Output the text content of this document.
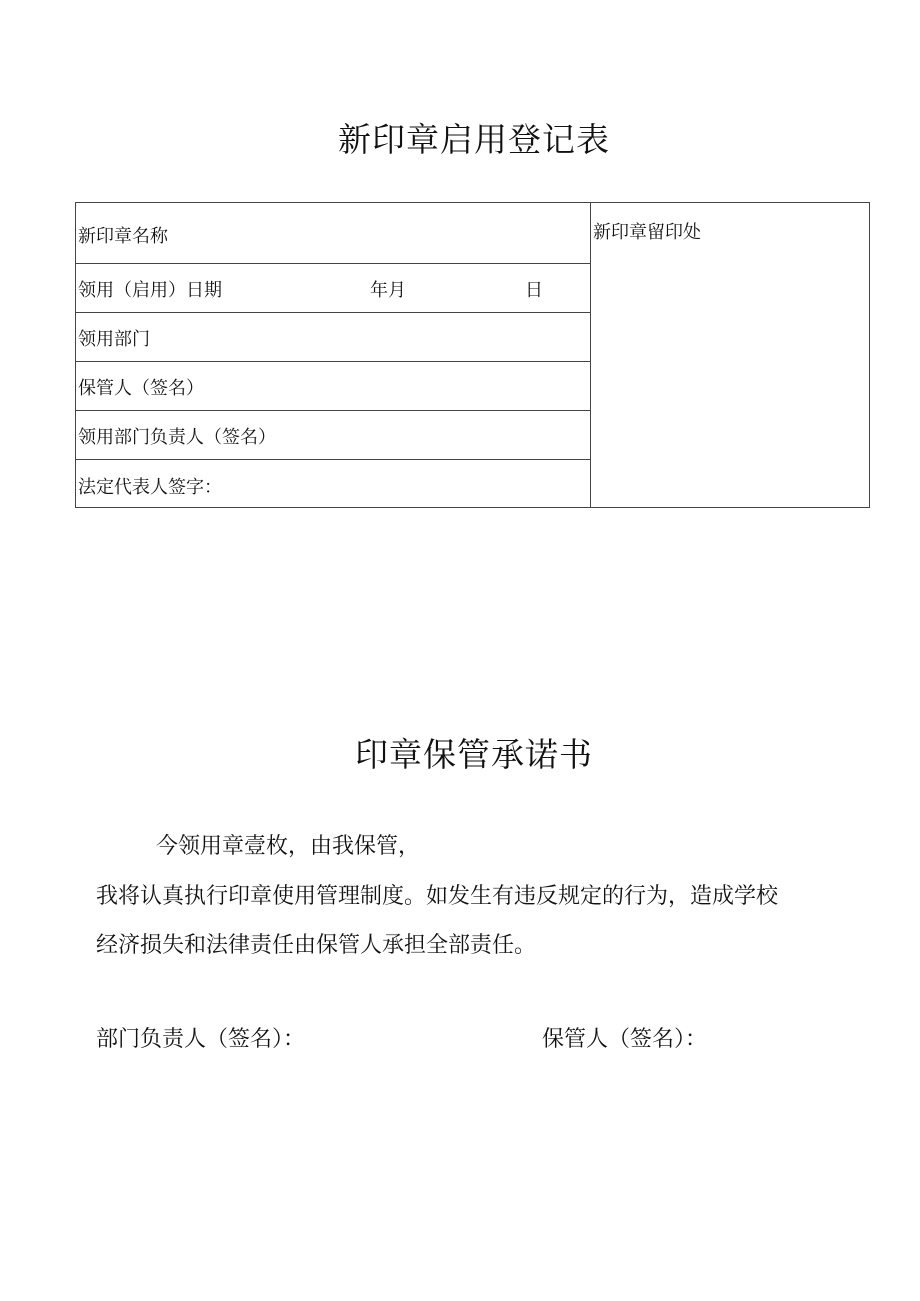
新印章启用登记表
新印章名称
领用（启用）日期	年月	日
领用部门
保管人（签名）
领用部门负责人（签名）
法定代表人签字：
新印章留印处
印章保管承诺书
今领用章壹枚，由我保管，
我将认真执行印章使用管理制度。如发生有违反规定的行为，造成学校
经济损失和法律责任由保管人承担全部责任。
部门负责人（签名）：	保管人（签名）：
